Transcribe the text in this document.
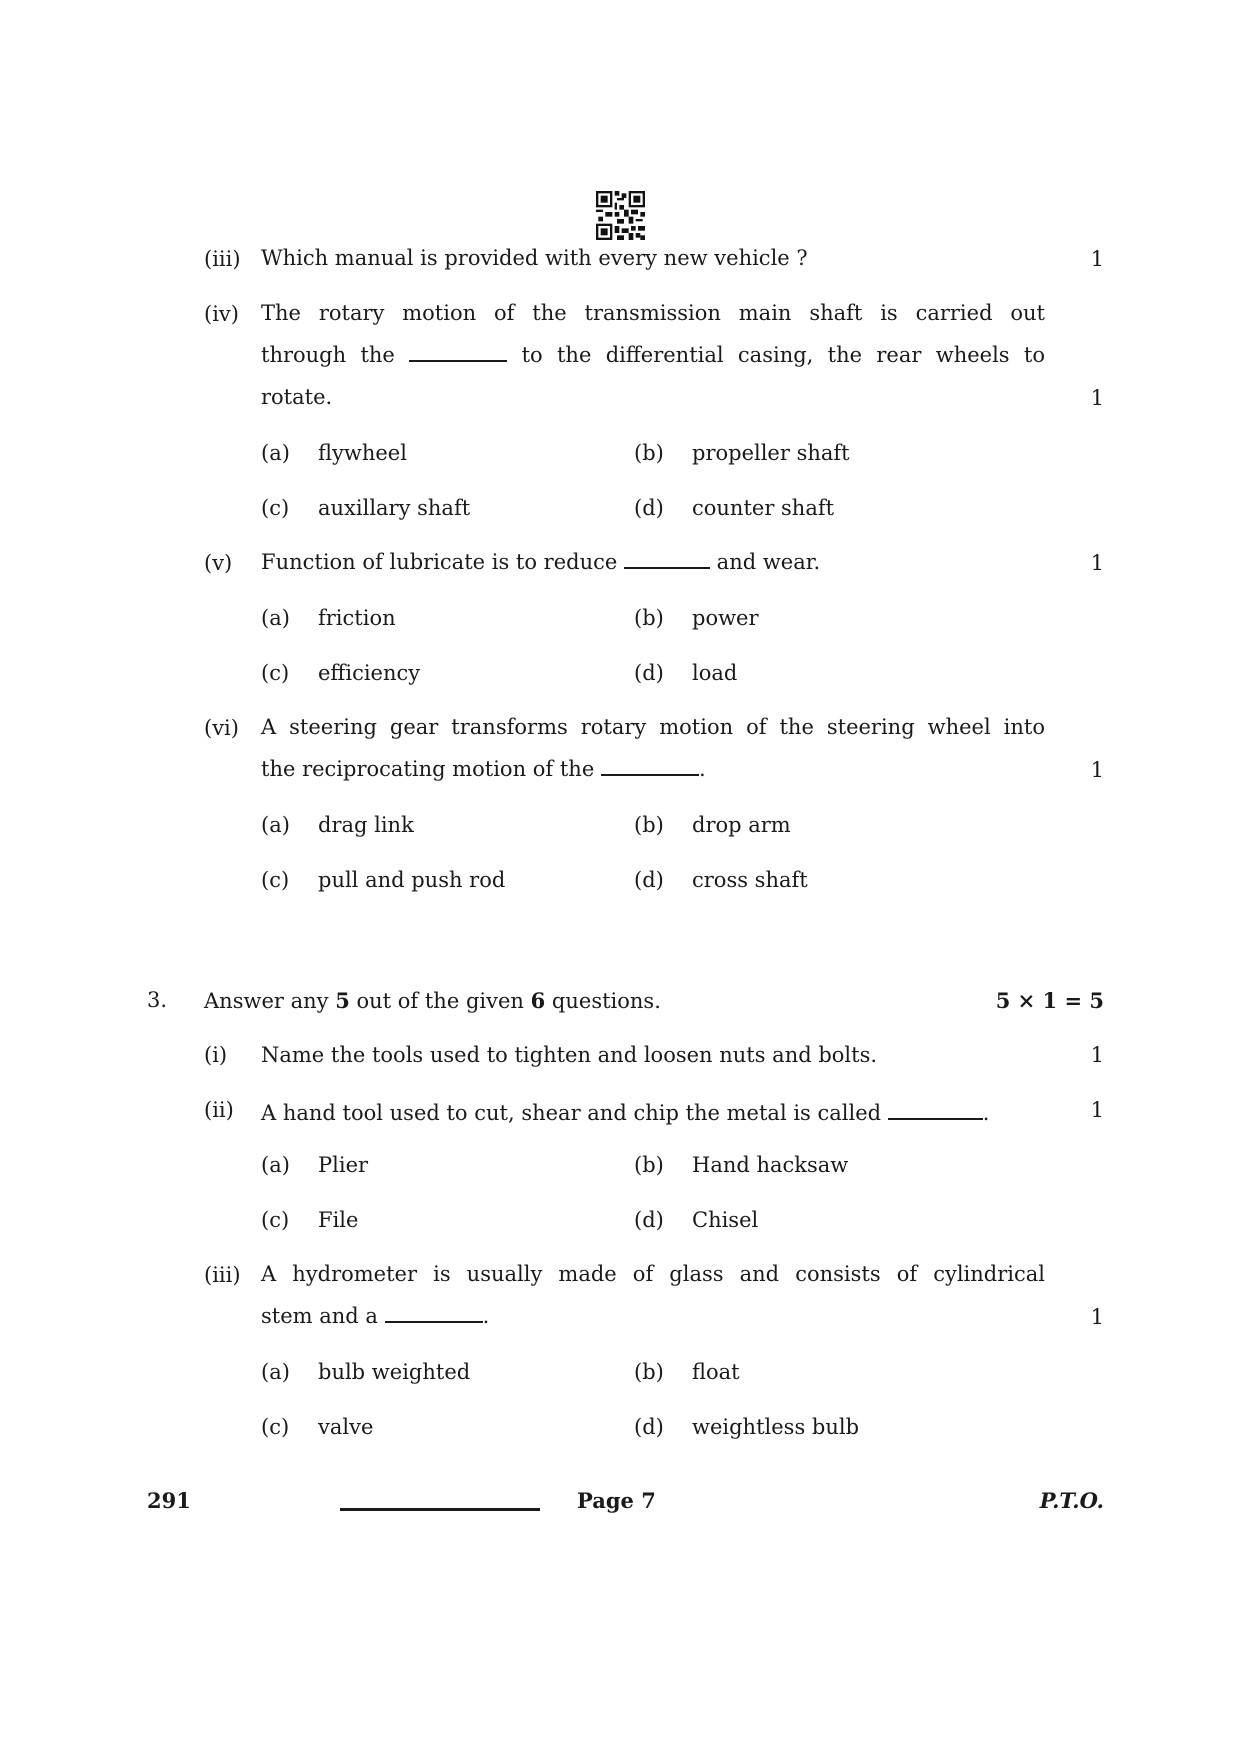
(iii) Which manual is provided with every new vehicle ?	1
(iv)	The rotary motion of the transmission main shaft is carried out
through the	to the differential casing, the rear wheels to
rotate.	1
(a)	flywheel	(b)	propeller shaft
(c)	auxillary shaft	(d)	counter shaft
(v)	Function of lubricate is to reduce	and wear.	1
(a)	friction	(b)	power
(c)	efficiency	(d)	load
(vi)	A steering gear transforms rotary motion of the steering wheel into
the reciprocating motion of the	.	1
(a)	drag link	(b)	drop arm
(c)	pull and push rod	(d)	cross shaft
3.	Answer any 5 out of the given 6 questions.	5 × 1 = 5
(i)	Name the tools used to tighten and loosen nuts and bolts.	1
(ii)	A hand tool used to cut, shear and chip the metal is called	.	1
(a)	Plier	(b)	Hand hacksaw
(c)	File	(d)	Chisel
(iii) A hydrometer is usually made of glass and consists of cylindrical
stem and a	.	1
(a)	bulb weighted	(b)	float
(c)	valve	(d)	weightless bulb
291	Page 7	P.T.O.
